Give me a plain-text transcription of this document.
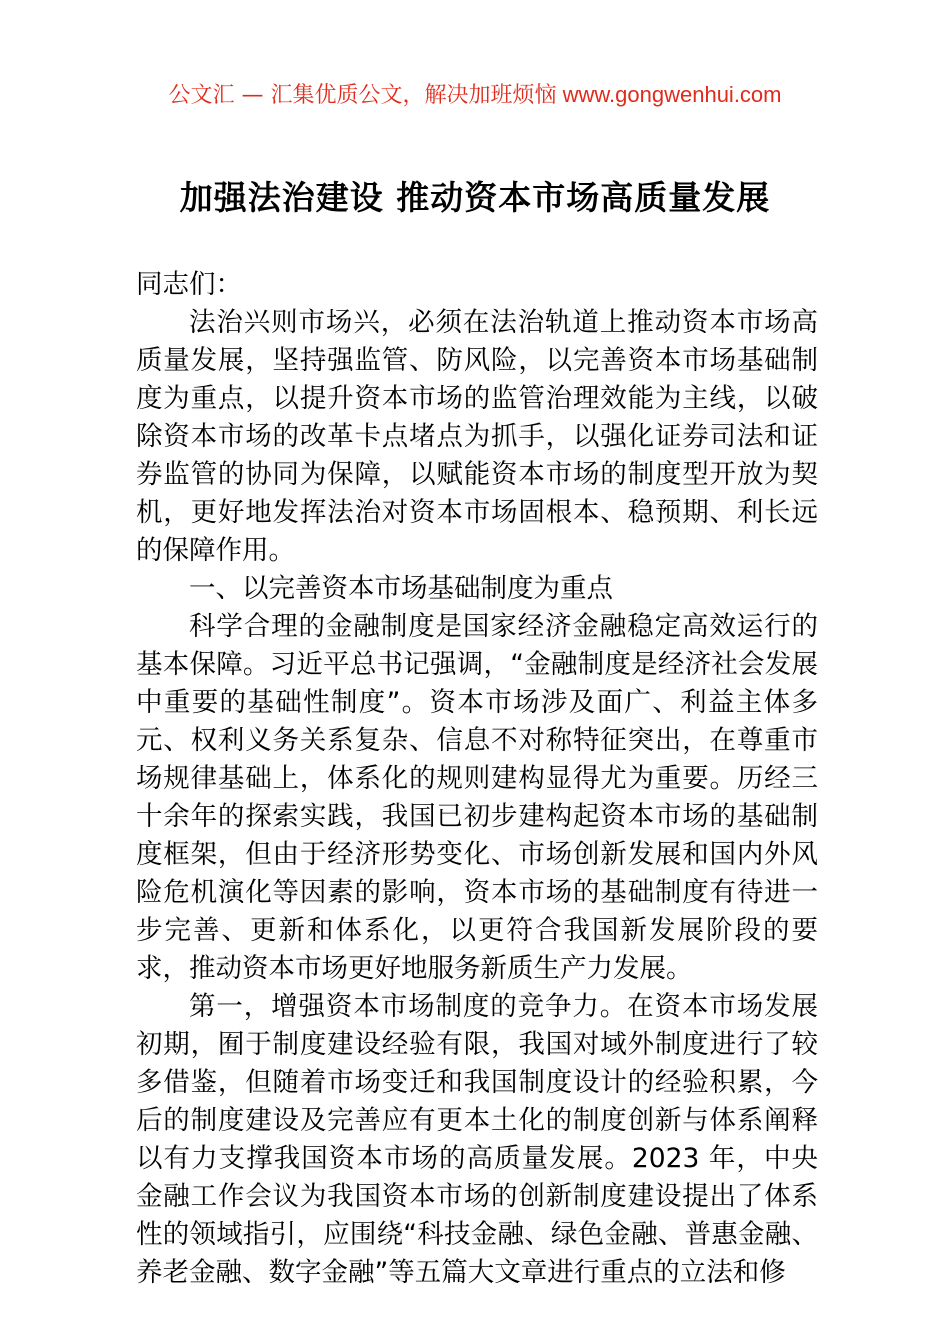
公文汇 — 汇集优质公文，解决加班烦恼 www.gongwenhui.com
加强法治建设 推动资本市场高质量发展

同志们：

法治兴则市场兴，必须在法治轨道上推动资本市场高质量发展，坚持强监管、防风险，以完善资本市场基础制度为重点，以提升资本市场的监管治理效能为主线，以破除资本市场的改革卡点堵点为抓手，以强化证券司法和证券监管的协同为保障，以赋能资本市场的制度型开放为契机，更好地发挥法治对资本市场固根本、稳预期、利长远的保障作用。

一、以完善资本市场基础制度为重点

科学合理的金融制度是国家经济金融稳定高效运行的基本保障。习近平总书记强调，“金融制度是经济社会发展中重要的基础性制度”。资本市场涉及面广、利益主体多元、权利义务关系复杂、信息不对称特征突出，在尊重市场规律基础上，体系化的规则建构显得尤为重要。历经三十余年的探索实践，我国已初步建构起资本市场的基础制度框架，但由于经济形势变化、市场创新发展和国内外风险危机演化等因素的影响，资本市场的基础制度有待进一步完善、更新和体系化，以更符合我国新发展阶段的要求，推动资本市场更好地服务新质生产力发展。

第一，增强资本市场制度的竞争力。在资本市场发展初期，囿于制度建设经验有限，我国对域外制度进行了较多借鉴，但随着市场变迁和我国制度设计的经验积累，今后的制度建设及完善应有更本土化的制度创新与体系阐释以有力支撑我国资本市场的高质量发展。2023 年，中央金融工作会议为我国资本市场的创新制度建设提出了体系性的领域指引，应围绕“科技金融、绿色金融、普惠金融、养老金融、数字金融”等五篇大文章进行重点的立法和修
